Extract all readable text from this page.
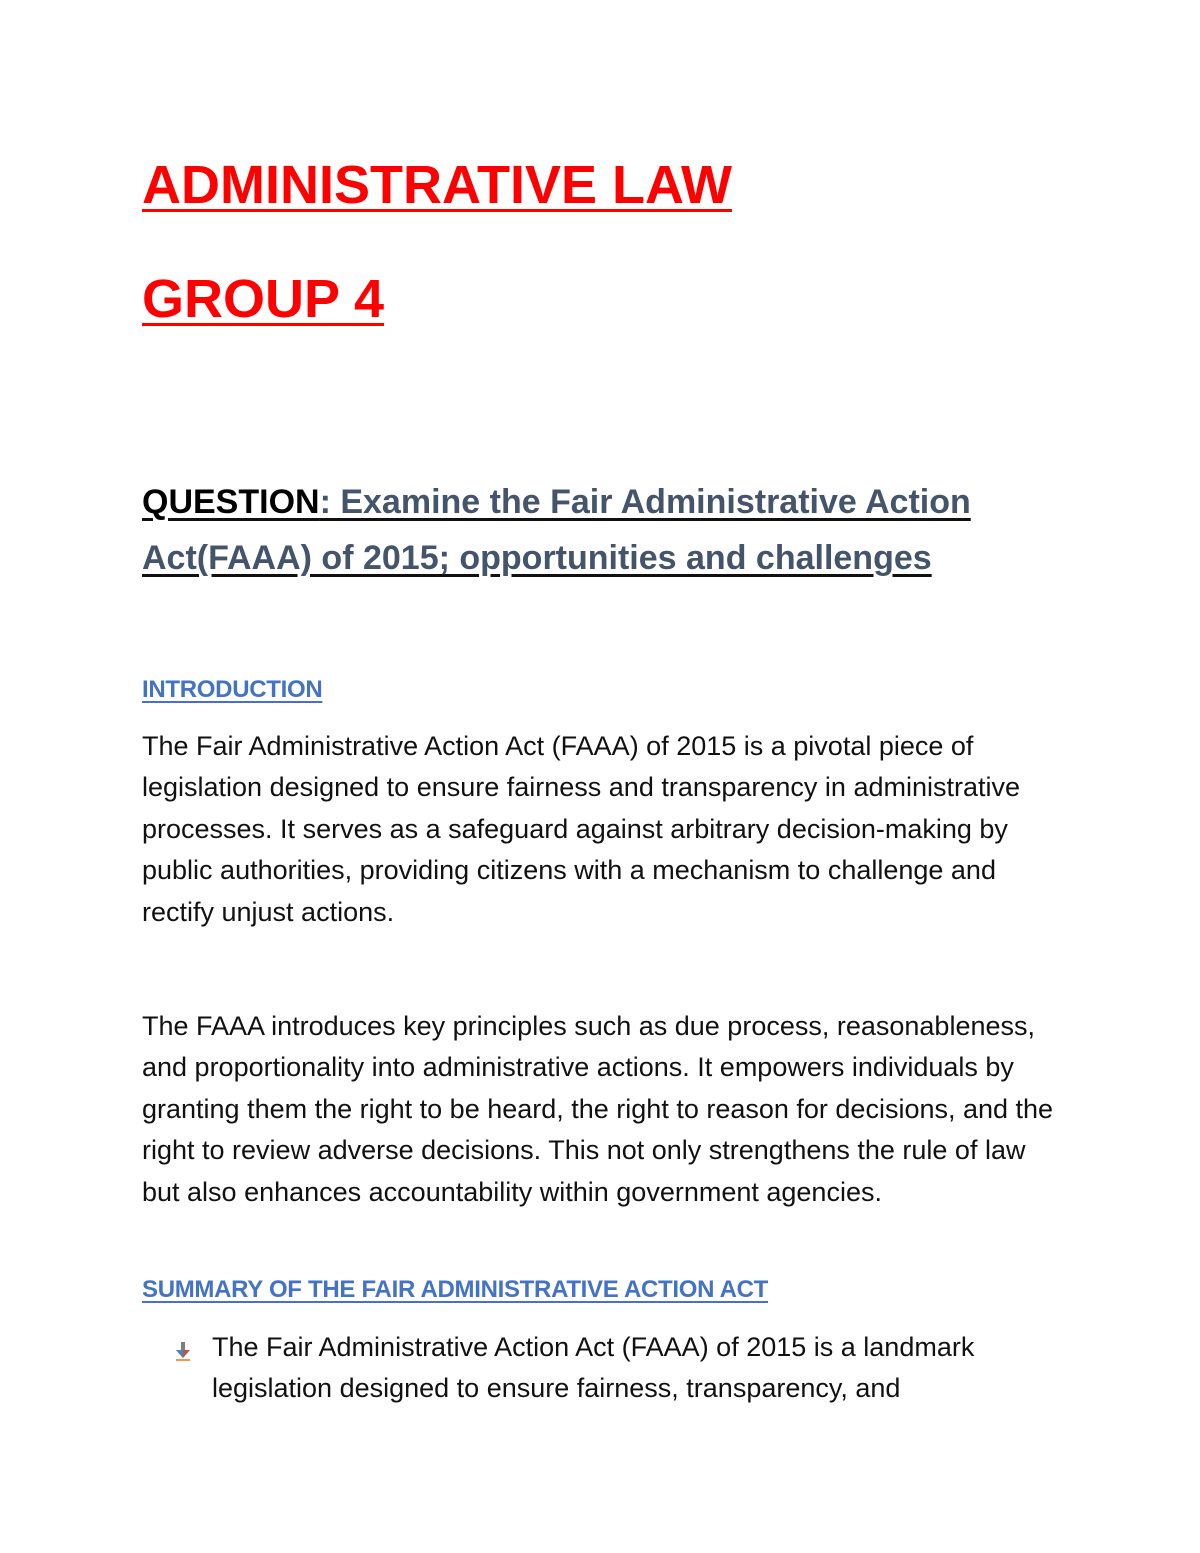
ADMINISTRATIVE LAW
GROUP 4
QUESTION: Examine the Fair Administrative Action Act(FAAA) of 2015; opportunities and challenges
INTRODUCTION
The Fair Administrative Action Act (FAAA) of 2015 is a pivotal piece of legislation designed to ensure fairness and transparency in administrative processes. It serves as a safeguard against arbitrary decision-making by public authorities, providing citizens with a mechanism to challenge and rectify unjust actions.
The FAAA introduces key principles such as due process, reasonableness, and proportionality into administrative actions. It empowers individuals by granting them the right to be heard, the right to reason for decisions, and the right to review adverse decisions. This not only strengthens the rule of law but also enhances accountability within government agencies.
SUMMARY OF THE FAIR ADMINISTRATIVE ACTION ACT
The Fair Administrative Action Act (FAAA) of 2015 is a landmark legislation designed to ensure fairness, transparency, and
